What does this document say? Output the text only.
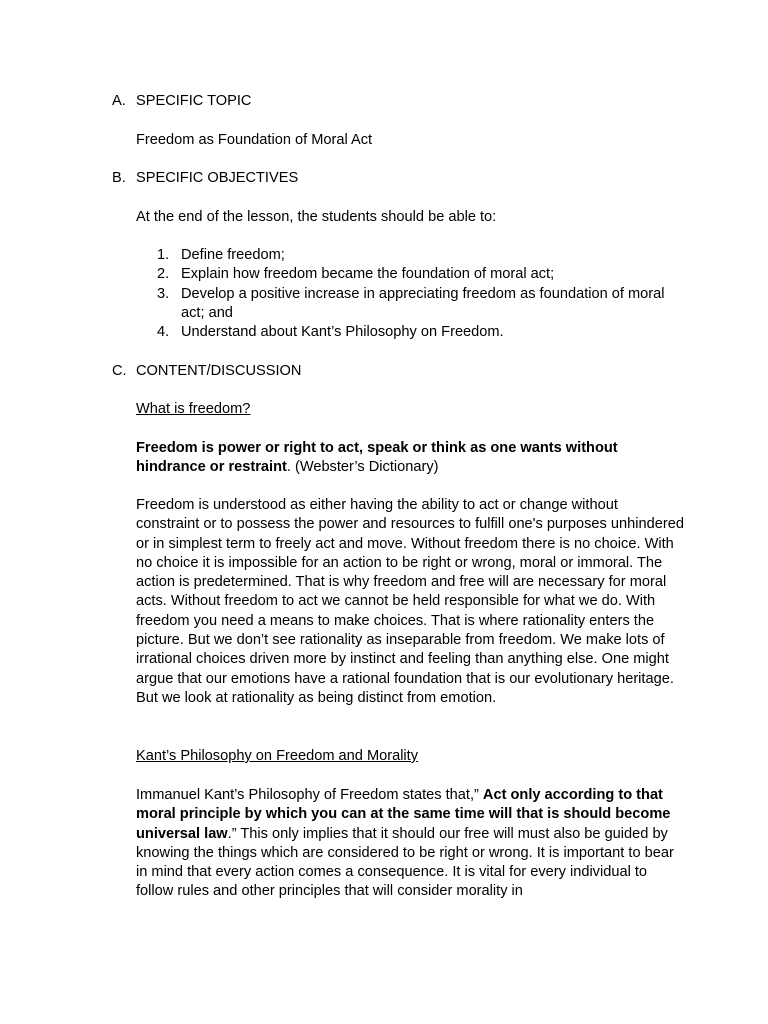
A. SPECIFIC TOPIC

Freedom as Foundation of Moral Act

B. SPECIFIC OBJECTIVES

At the end of the lesson, the students should be able to:

1. Define freedom;
2. Explain how freedom became the foundation of moral act;
3. Develop a positive increase in appreciating freedom as foundation of moral act; and
4. Understand about Kant’s Philosophy on Freedom.
C. CONTENT/DISCUSSION

What is freedom?

Freedom is power or right to act, speak or think as one wants without hindrance or restraint. (Webster’s Dictionary)

Freedom is understood as either having the ability to act or change without constraint or to possess the power and resources to fulfill one's purposes unhindered or in simplest term to freely act and move. Without freedom there is no choice. With no choice it is impossible for an action to be right or wrong, moral or immoral. The action is predetermined. That is why freedom and free will are necessary for moral acts. Without freedom to act we cannot be held responsible for what we do. With freedom you need a means to make choices. That is where rationality enters the picture. But we don’t see rationality as inseparable from freedom. We make lots of irrational choices driven more by instinct and feeling than anything else. One might argue that our emotions have a rational foundation that is our evolutionary heritage. But we look at rationality as being distinct from emotion.

Kant’s Philosophy on Freedom and Morality

Immanuel Kant’s Philosophy of Freedom states that,” Act only according to that moral principle by which you can at the same time will that is should become universal law.” This only implies that it should our free will must also be guided by knowing the things which are considered to be right or wrong. It is important to bear in mind that every action comes a consequence. It is vital for every individual to follow rules and other principles that will consider morality in
